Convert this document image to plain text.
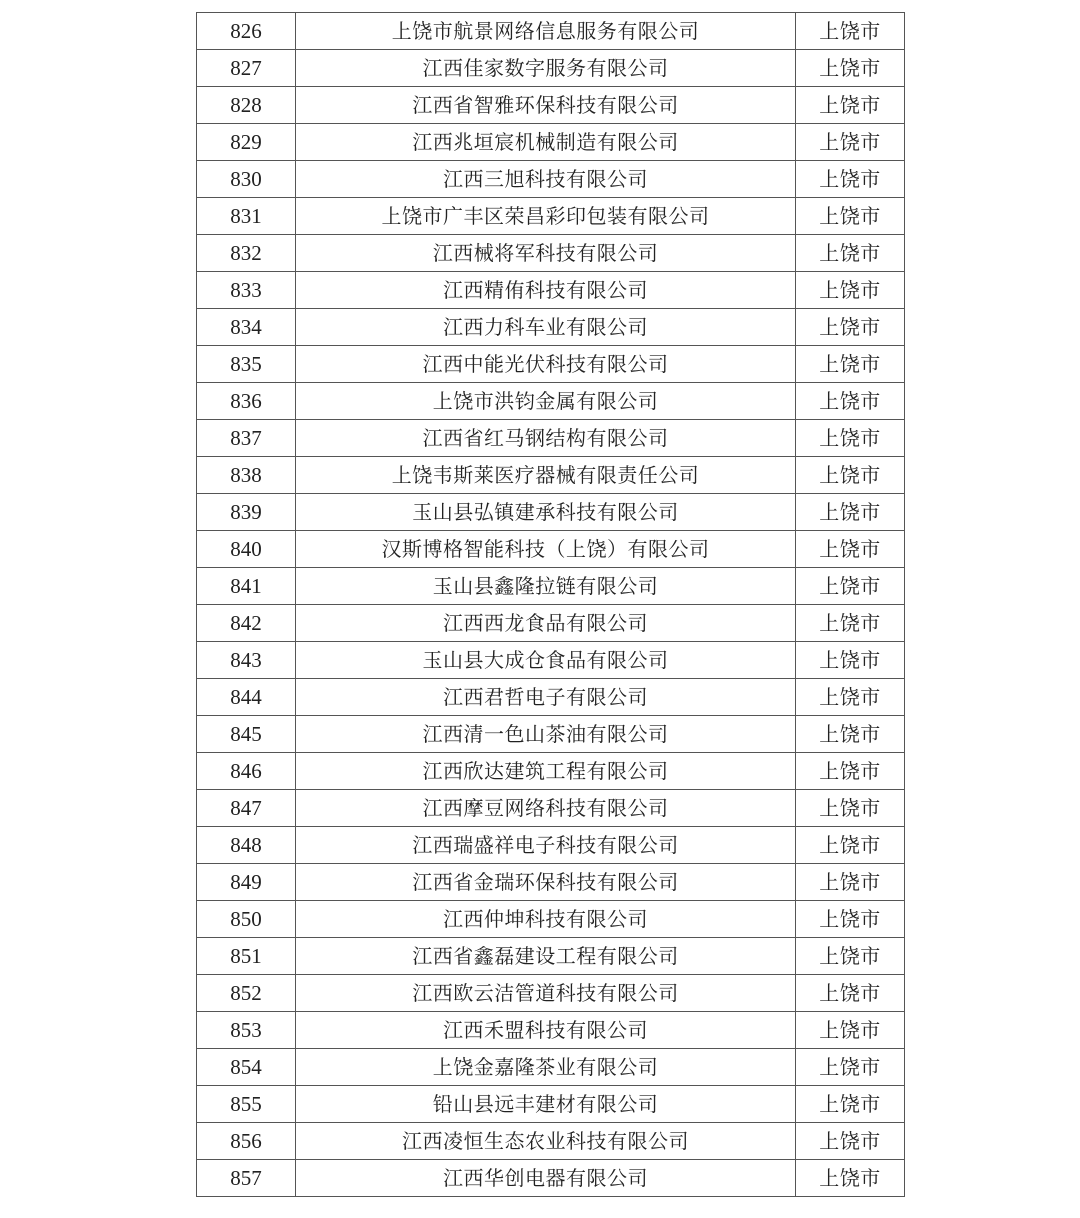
826	上饶市航景网络信息服务有限公司	上饶市
827	江西佳家数字服务有限公司	上饶市
828	江西省智雅环保科技有限公司	上饶市
829	江西兆垣宸机械制造有限公司	上饶市
830	江西三旭科技有限公司	上饶市
831	上饶市广丰区荣昌彩印包装有限公司	上饶市
832	江西械将军科技有限公司	上饶市
833	江西精侑科技有限公司	上饶市
834	江西力科车业有限公司	上饶市
835	江西中能光伏科技有限公司	上饶市
836	上饶市洪钧金属有限公司	上饶市
837	江西省红马钢结构有限公司	上饶市
838	上饶韦斯莱医疗器械有限责任公司	上饶市
839	玉山县弘镇建承科技有限公司	上饶市
840	汉斯博格智能科技（上饶）有限公司	上饶市
841	玉山县鑫隆拉链有限公司	上饶市
842	江西西龙食品有限公司	上饶市
843	玉山县大成仓食品有限公司	上饶市
844	江西君哲电子有限公司	上饶市
845	江西清一色山茶油有限公司	上饶市
846	江西欣达建筑工程有限公司	上饶市
847	江西摩豆网络科技有限公司	上饶市
848	江西瑞盛祥电子科技有限公司	上饶市
849	江西省金瑞环保科技有限公司	上饶市
850	江西仲坤科技有限公司	上饶市
851	江西省鑫磊建设工程有限公司	上饶市
852	江西欧云洁管道科技有限公司	上饶市
853	江西禾盟科技有限公司	上饶市
854	上饶金嘉隆茶业有限公司	上饶市
855	铅山县远丰建材有限公司	上饶市
856	江西凌恒生态农业科技有限公司	上饶市
857	江西华创电器有限公司	上饶市
